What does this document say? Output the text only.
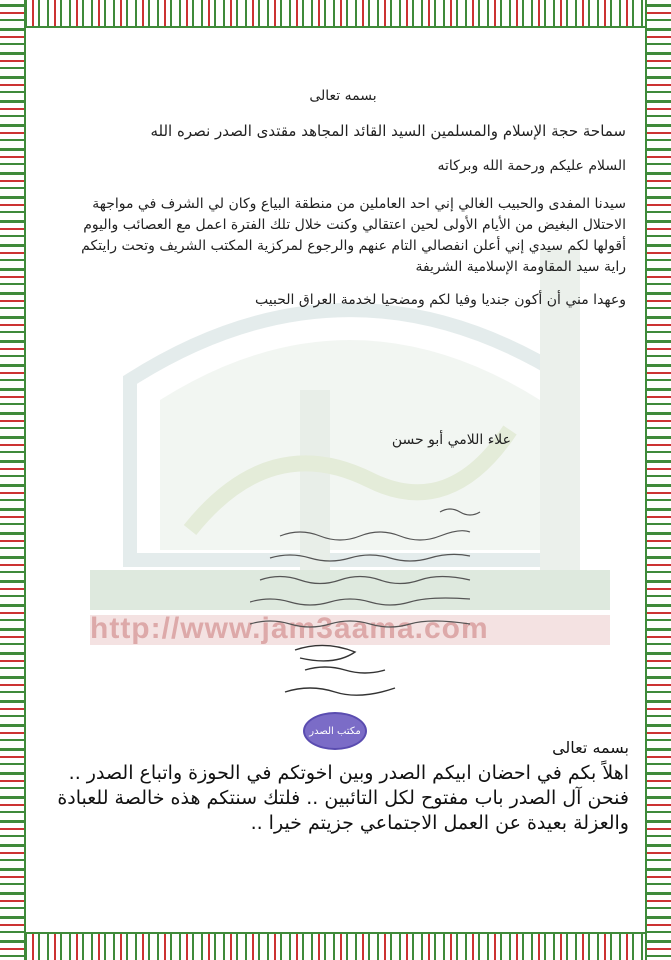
http://www.jam3aama.com

بسمه تعالى

سماحة حجة الإسلام والمسلمين السيد القائد المجاهد مقتدى الصدر نصره الله

السلام عليكم ورحمة الله وبركاته

سيدنا المفدى والحبيب الغالي إني احد العاملين من منطقة البياع وكان لي الشرف في مواجهة الاحتلال البغيض من الأيام الأولى لحين اعتقالي وكنت خلال تلك الفترة اعمل مع العصائب واليوم أقولها لكم سيدي إني أعلن انفصالي التام عنهم والرجوع لمركزية المكتب الشريف وتحت رايتكم راية سيد المقاومة الإسلامية الشريفة

وعهدا مني أن أكون جنديا وفيا لكم ومضحيا لخدمة العراق الحبيب

علاء اللامي أبو حسن
مكتب الصدر

بسمه تعالى

اهلاً بكم في احضان ابيكم الصدر وبين اخوتكم في الحوزة واتباع الصدر .. فنحن آل الصدر باب مفتوح لكل التائبين .. فلتك سنتكم هذه خالصة للعبادة والعزلة بعيدة عن العمل الاجتماعي جزيتم خيرا ..
